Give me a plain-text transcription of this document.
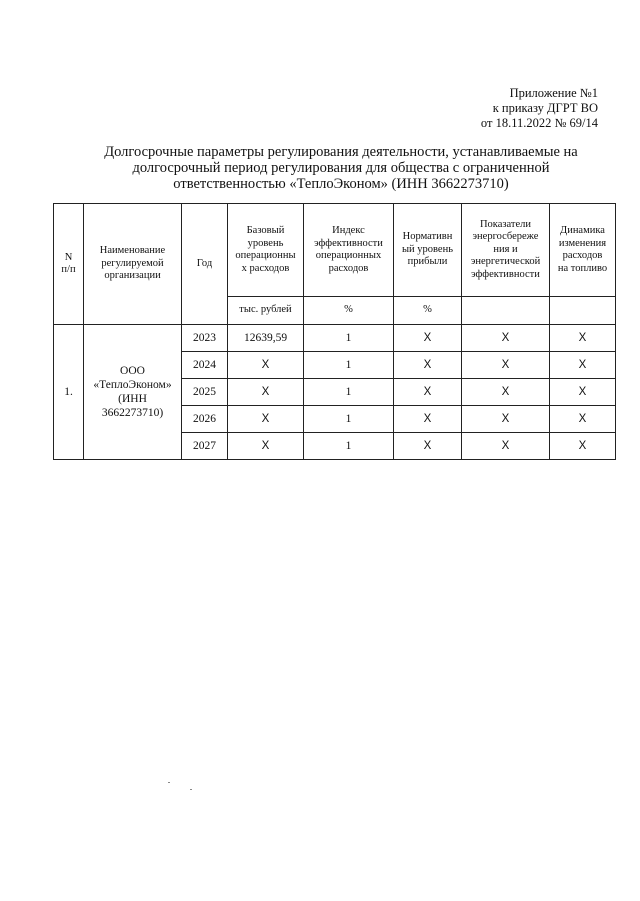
Приложение №1
к приказу ДГРТ ВО
от 18.11.2022 № 69/14
Долгосрочные параметры регулирования деятельности, устанавливаемые на
долгосрочный период регулирования для общества с ограниченной
ответственностью «ТеплоЭконом» (ИНН 3662273710)
N
п/п	Наименование
регулируемой
организации	Год	Базовый
уровень
операционны
х расходов	Индекс
эффективности
операционных
расходов	Нормативн
ый уровень
прибыли	Показатели
энергосбереже
ния и
энергетической
эффективности	Динамика
изменения
расходов
на топливо
			тыс. рублей	%	%		
1.	ООО
«ТеплоЭконом»
(ИНН
3662273710)	2023	12639,59	1	X	X	X
		2024	X	1	X	X	X
		2025	X	1	X	X	X
		2026	X	1	X	X	X
		2027	X	1	X	X	X
